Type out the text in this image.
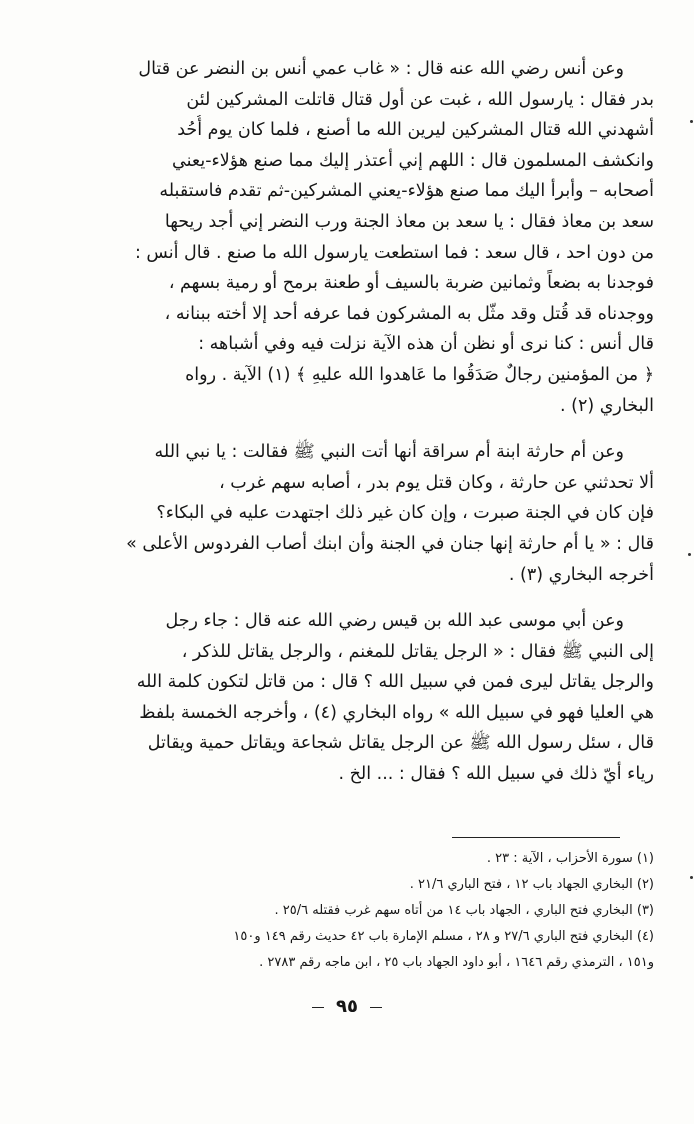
وعن أنس رضي الله عنه قال : « غاب عمي أنس بن النضر عن قتال
بدر فقال : يارسول الله ، غبت عن أول قتال قاتلت المشركين لئن
أشهدني الله قتال المشركين ليرين الله ما أصنع ، فلما كان يوم أُحُد
وانكشف المسلمون قال : اللهم إني أعتذر إليك مما صنع هؤلاء-يعني
أصحابه – وأبرأ اليك مما صنع هؤلاء-يعني المشركين-ثم تقدم فاستقبله
سعد بن معاذ فقال : يا سعد بن معاذ الجنة ورب النضر إني أجد ريحها
من دون احد ، قال سعد : فما استطعت يارسول الله ما صنع . قال أنس :
فوجدنا به بضعاً وثمانين ضربة بالسيف أو طعنة برمح أو رمية بسهم ،
ووجدناه قد قُتل وقد مثّل به المشركون فما عرفه أحد إلا أخته ببنانه ،
قال أنس : كنا نرى أو نظن أن هذه الآية نزلت فيه وفي أشباهه :
﴿ من المؤمنين رجالٌ صَدَقُوا ما عَاهدوا الله عليهِ ﴾ (١) الآية . رواه
البخاري (٢) .

وعن أم حارثة ابنة أم سراقة أنها أتت النبي ﷺ فقالت : يا نبي الله
ألا تحدثني عن حارثة ، وكان قتل يوم بدر ، أصابه سهم غرب ،
فإن كان في الجنة صبرت ، وإن كان غير ذلك اجتهدت عليه في البكاء؟
قال : « يا أم حارثة إنها جنان في الجنة وأن ابنك أصاب الفردوس الأعلى »
أخرجه البخاري (٣) .

وعن أبي موسى عبد الله بن قيس رضي الله عنه قال : جاء رجل
إلى النبي ﷺ فقال : « الرجل يقاتل للمغنم ، والرجل يقاتل للذكر ،
والرجل يقاتل ليرى فمن في سبيل الله ؟ قال : من قاتل لتكون كلمة الله
هي العليا فهو في سبيل الله » رواه البخاري (٤) ، وأخرجه الخمسة بلفظ
قال ، سئل رسول الله ﷺ عن الرجل يقاتل شجاعة ويقاتل حمية ويقاتل
رياء أيّ ذلك في سبيل الله ؟ فقال : ... الخ .

(١) سورة الأحزاب ، الآية : ٢٣ .
(٢) البخاري الجهاد باب ١٢ ، فتح الباري ٢١/٦ .
(٣) البخاري فتح الباري ، الجهاد باب ١٤ من أتاه سهم غرب فقتله ٢٥/٦ .
(٤) البخاري فتح الباري ٢٧/٦ و ٢٨ ، مسلم الإمارة باب ٤٢ حديث رقم ١٤٩ و١٥٠
و١٥١ ، الترمذي رقم ١٦٤٦ ، أبو داود الجهاد باب ٢٥ ، ابن ماجه رقم ٢٧٨٣ .
٩٥
